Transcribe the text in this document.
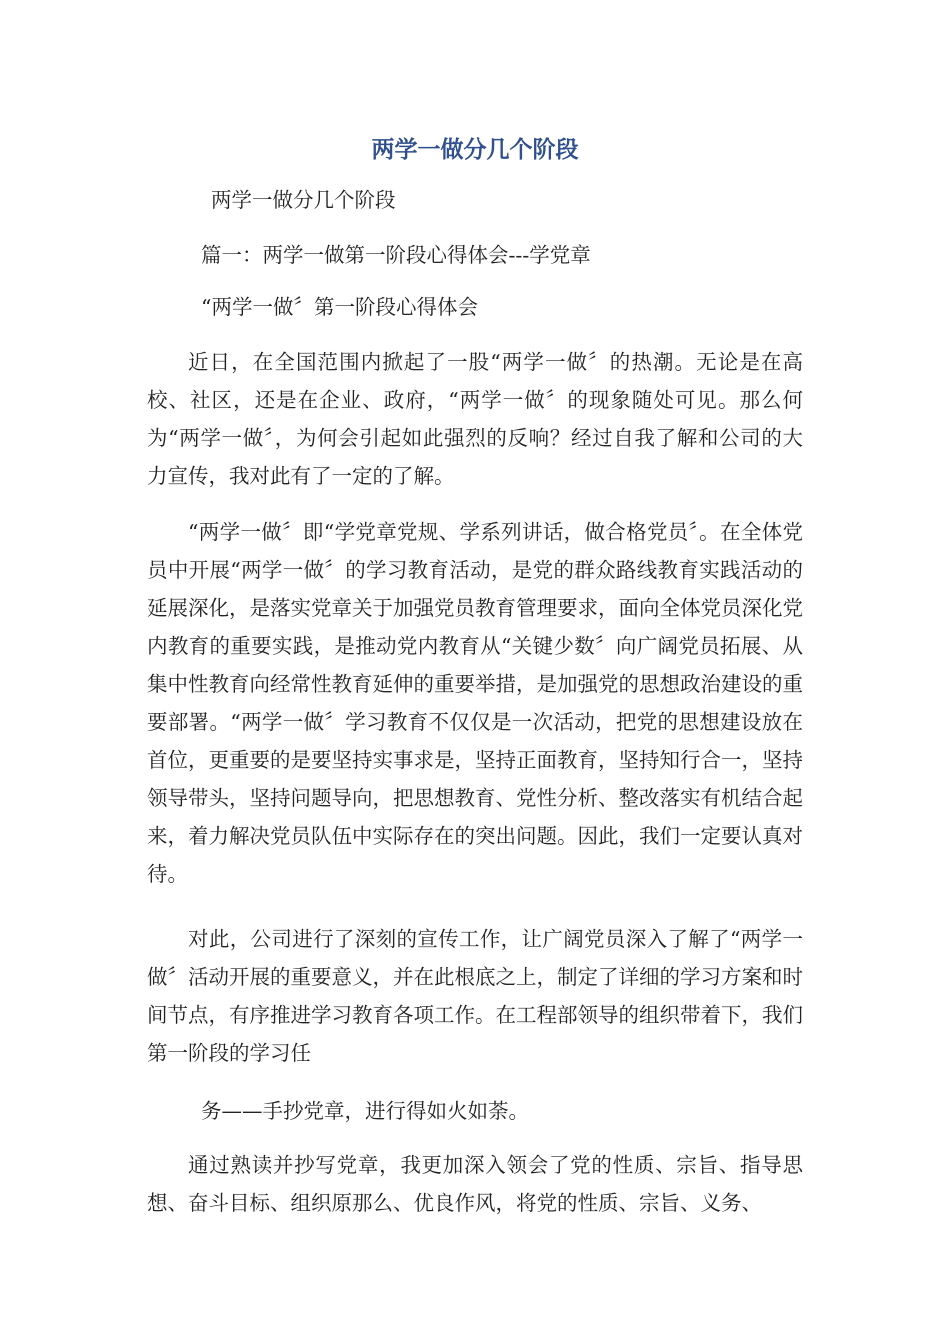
两学一做分几个阶段

两学一做分几个阶段

篇一：两学一做第一阶段心得体会---学党章

“两学一做〞第一阶段心得体会

近日，在全国范围内掀起了一股“两学一做〞的热潮。无论是在高校、社区，还是在企业、政府，“两学一做〞的现象随处可见。那么何为“两学一做〞，为何会引起如此强烈的反响？经过自我了解和公司的大力宣传，我对此有了一定的了解。

“两学一做〞即“学党章党规、学系列讲话，做合格党员〞。在全体党员中开展“两学一做〞的学习教育活动，是党的群众路线教育实践活动的延展深化，是落实党章关于加强党员教育管理要求，面向全体党员深化党内教育的重要实践，是推动党内教育从“关键少数〞向广阔党员拓展、从集中性教育向经常性教育延伸的重要举措，是加强党的思想政治建设的重要部署。“两学一做〞学习教育不仅仅是一次活动，把党的思想建设放在首位，更重要的是要坚持实事求是，坚持正面教育，坚持知行合一，坚持领导带头，坚持问题导向，把思想教育、党性分析、整改落实有机结合起来，着力解决党员队伍中实际存在的突出问题。因此，我们一定要认真对待。

对此，公司进行了深刻的宣传工作，让广阔党员深入了解了“两学一做〞活动开展的重要意义，并在此根底之上，制定了详细的学习方案和时间节点，有序推进学习教育各项工作。在工程部领导的组织带着下，我们第一阶段的学习任

务——手抄党章，进行得如火如荼。

通过熟读并抄写党章，我更加深入领会了党的性质、宗旨、指导思想、奋斗目标、组织原那么、优良作风，将党的性质、宗旨、义务、
